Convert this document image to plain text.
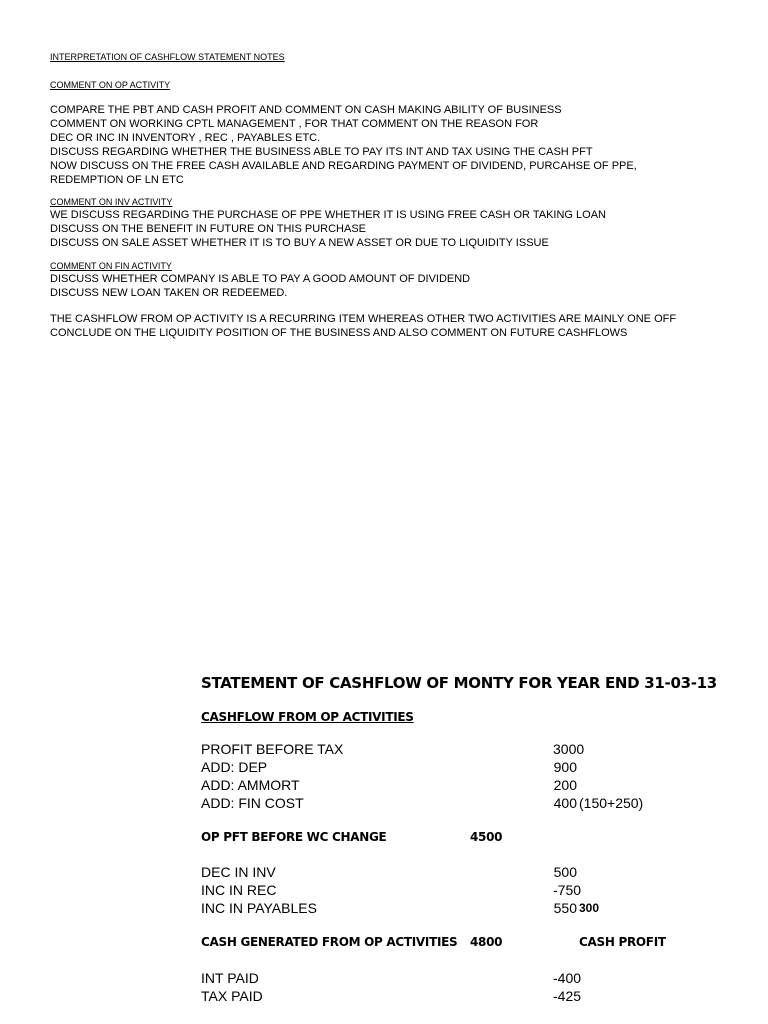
INTERPRETATION OF CASHFLOW STATEMENT NOTES
COMMENT ON OP ACTIVITY
COMPARE THE PBT AND CASH PROFIT AND COMMENT ON CASH MAKING ABILITY OF BUSINESS
COMMENT ON WORKING CPTL MANAGEMENT , FOR THAT COMMENT ON THE REASON FOR
DEC OR INC IN INVENTORY , REC , PAYABLES ETC.
DISCUSS REGARDING WHETHER THE BUSINESS ABLE TO PAY ITS INT AND TAX USING THE CASH PFT
NOW DISCUSS ON THE FREE CASH AVAILABLE AND REGARDING PAYMENT OF DIVIDEND, PURCAHSE OF PPE,
REDEMPTION OF LN ETC
COMMENT ON INV ACTIVITY
WE DISCUSS REGARDING THE PURCHASE OF PPE WHETHER IT IS USING FREE CASH OR TAKING LOAN
DISCUSS ON THE BENEFIT IN FUTURE ON THIS PURCHASE
DISCUSS ON SALE ASSET WHETHER IT IS TO BUY A NEW ASSET OR DUE TO LIQUIDITY ISSUE
COMMENT ON FIN ACTIVITY
DISCUSS WHETHER COMPANY IS ABLE TO PAY A GOOD AMOUNT OF DIVIDEND
DISCUSS NEW LOAN TAKEN OR REDEEMED.
THE CASHFLOW FROM OP ACTIVITY IS A RECURRING ITEM WHEREAS OTHER TWO ACTIVITIES ARE MAINLY ONE OFF
CONCLUDE ON THE LIQUIDITY POSITION OF THE BUSINESS AND ALSO COMMENT ON FUTURE CASHFLOWS
STATEMENT OF CASHFLOW OF MONTY FOR YEAR END 31-03-13
CASHFLOW FROM OP ACTIVITIES
PROFIT BEFORE TAX	3000
ADD: DEP	900
ADD: AMMORT	200
ADD: FIN COST	400 (150+250)
OP PFT BEFORE WC CHANGE	4500
DEC IN INV	500
INC IN REC	-750
INC IN PAYABLES	550 300
CASH GENERATED FROM OP ACTIVITIES 4800	CASH PROFIT
INT PAID	-400
TAX PAID	-425
